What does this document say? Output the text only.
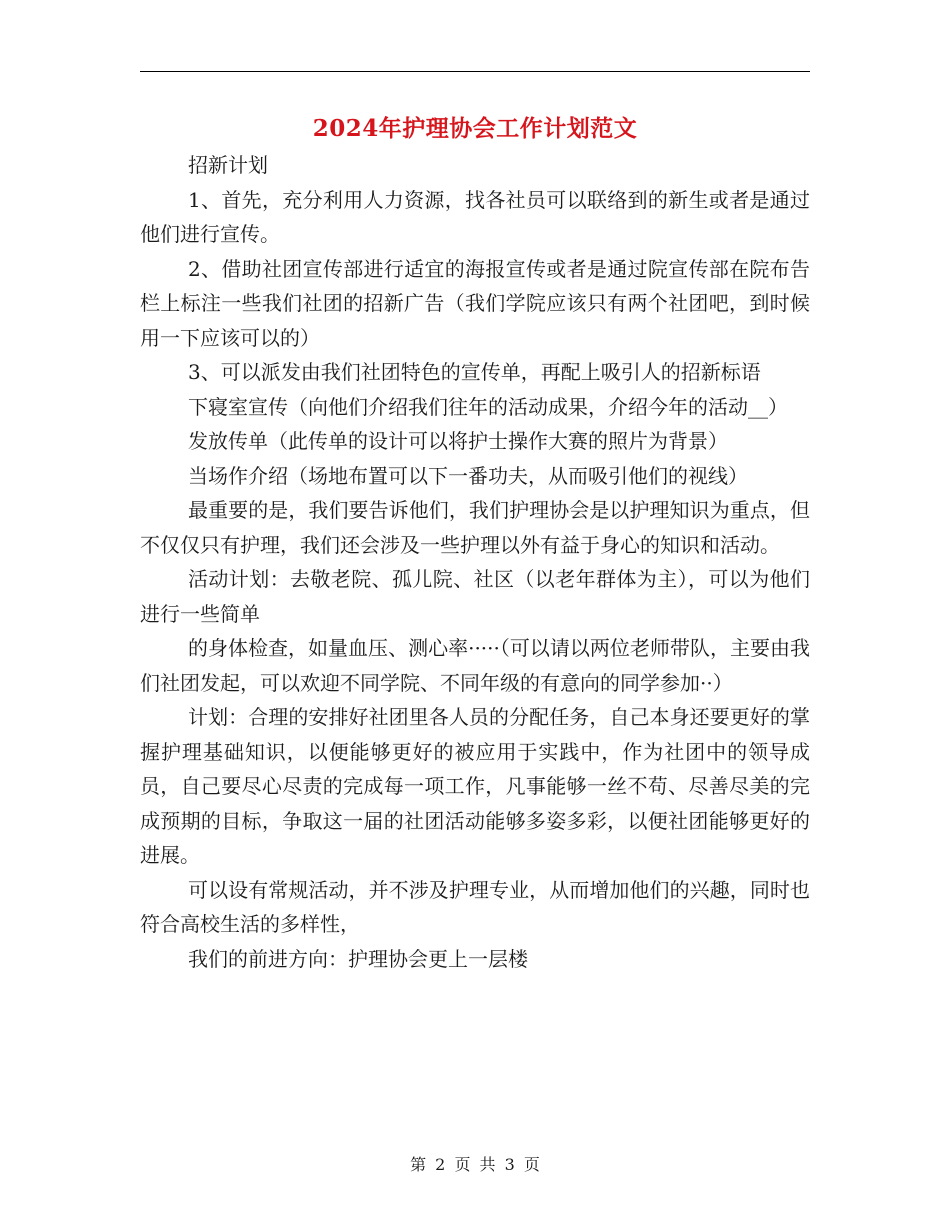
2024年护理协会工作计划范文

招新计划

1、首先，充分利用人力资源，找各社员可以联络到的新生或者是通过他们进行宣传。

2、借助社团宣传部进行适宜的海报宣传或者是通过院宣传部在院布告栏上标注一些我们社团的招新广告（我们学院应该只有两个社团吧，到时候用一下应该可以的）

3、可以派发由我们社团特色的宣传单，再配上吸引人的招新标语

下寝室宣传（向他们介绍我们往年的活动成果，介绍今年的活动__）

发放传单（此传单的设计可以将护士操作大赛的照片为背景）

当场作介绍（场地布置可以下一番功夫，从而吸引他们的视线）

最重要的是，我们要告诉他们，我们护理协会是以护理知识为重点，但不仅仅只有护理，我们还会涉及一些护理以外有益于身心的知识和活动。

活动计划：去敬老院、孤儿院、社区（以老年群体为主），可以为他们进行一些简单

的身体检查，如量血压、测心率·····（可以请以两位老师带队，主要由我们社团发起，可以欢迎不同学院、不同年级的有意向的同学参加··）

计划：合理的安排好社团里各人员的分配任务，自己本身还要更好的掌握护理基础知识，以便能够更好的被应用于实践中，作为社团中的领导成员，自己要尽心尽责的完成每一项工作，凡事能够一丝不苟、尽善尽美的完成预期的目标，争取这一届的社团活动能够多姿多彩，以便社团能够更好的进展。

可以设有常规活动，并不涉及护理专业，从而增加他们的兴趣，同时也符合高校生活的多样性，

我们的前进方向：护理协会更上一层楼

第 2 页 共 3 页
